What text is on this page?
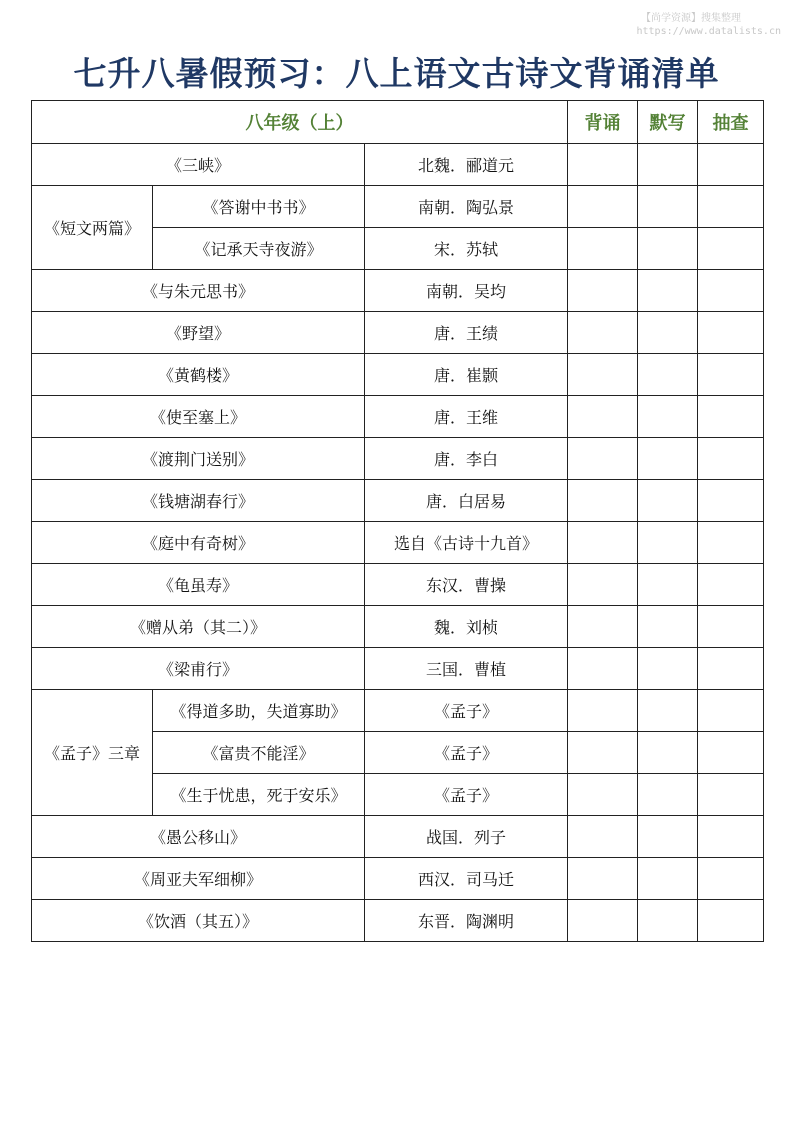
【尚学资源】搜集整理
https://www.datalists.cn
七升八暑假预习：八上语文古诗文背诵清单
八年级（上）			背诵	默写	抽查
《三峡》		北魏．郦道元			
《短文两篇》	《答谢中书书》	南朝．陶弘景			
	《记承天寺夜游》	宋．苏轼			
《与朱元思书》		南朝．吴均			
《野望》		唐．王绩			
《黄鹤楼》		唐．崔颢			
《使至塞上》		唐．王维			
《渡荆门送别》		唐．李白			
《钱塘湖春行》		唐．白居易			
《庭中有奇树》		选自《古诗十九首》			
《龟虽寿》		东汉．曹操			
《赠从弟（其二）》		魏．刘桢			
《梁甫行》		三国．曹植			
《孟子》三章	《得道多助，失道寡助》	《孟子》			
	《富贵不能淫》	《孟子》			
	《生于忧患，死于安乐》	《孟子》			
《愚公移山》		战国．列子			
《周亚夫军细柳》		西汉．司马迁			
《饮酒（其五）》		东晋．陶渊明			
